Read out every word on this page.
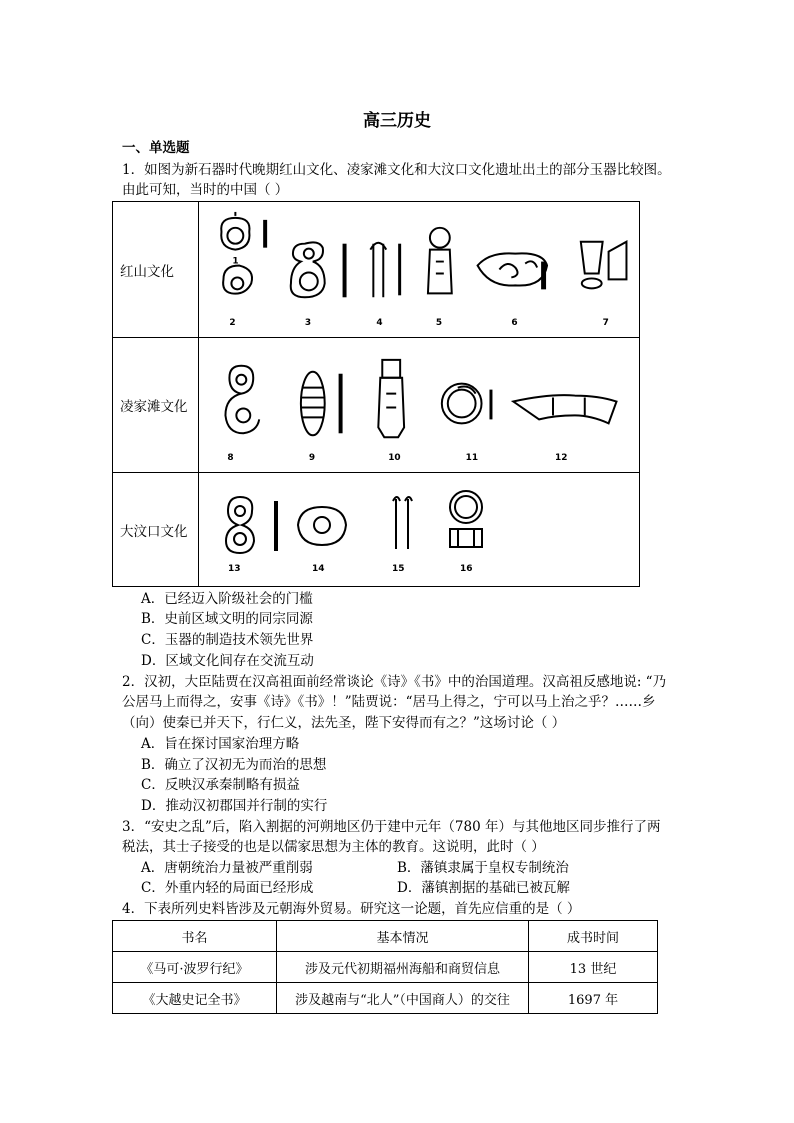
高三历史
一、单选题
1．如图为新石器时代晚期红山文化、凌家滩文化和大汶口文化遗址出土的部分玉器比较图。
由此可知，当时的中国（ ）
红山文化
2	3	4	5	6	7
1
凌家滩文化
8	9	10	11	12
大汶口文化
13	14	15	16
A．已经迈入阶级社会的门槛
B．史前区域文明的同宗同源
C．玉器的制造技术领先世界
D．区域文化间存在交流互动
2．汉初，大臣陆贾在汉高祖面前经常谈论《诗》《书》中的治国道理。汉高祖反感地说: “乃
公居马上而得之，安事《诗》《书》！”陆贾说：“居马上得之，宁可以马上治之乎？……乡
（向）使秦已并天下，行仁义，法先圣，陛下安得而有之？”这场讨论（ ）
A．旨在探讨国家治理方略
B．确立了汉初无为而治的思想
C．反映汉承秦制略有损益
D．推动汉初郡国并行制的实行
3．“安史之乱”后，陷入割据的河朔地区仍于建中元年（780 年）与其他地区同步推行了两
税法，其士子接受的也是以儒家思想为主体的教育。这说明，此时（ ）
A．唐朝统治力量被严重削弱	B．藩镇隶属于皇权专制统治
C．外重内轻的局面已经形成	D．藩镇割据的基础已被瓦解
4．下表所列史料皆涉及元朝海外贸易。研究这一论题，首先应信重的是（ ）
书名	基本情况	成书时间
《马可·波罗行纪》	涉及元代初期福州海船和商贸信息	13 世纪
《大越史记全书》	涉及越南与“北人”（中国商人）的交往	1697 年
